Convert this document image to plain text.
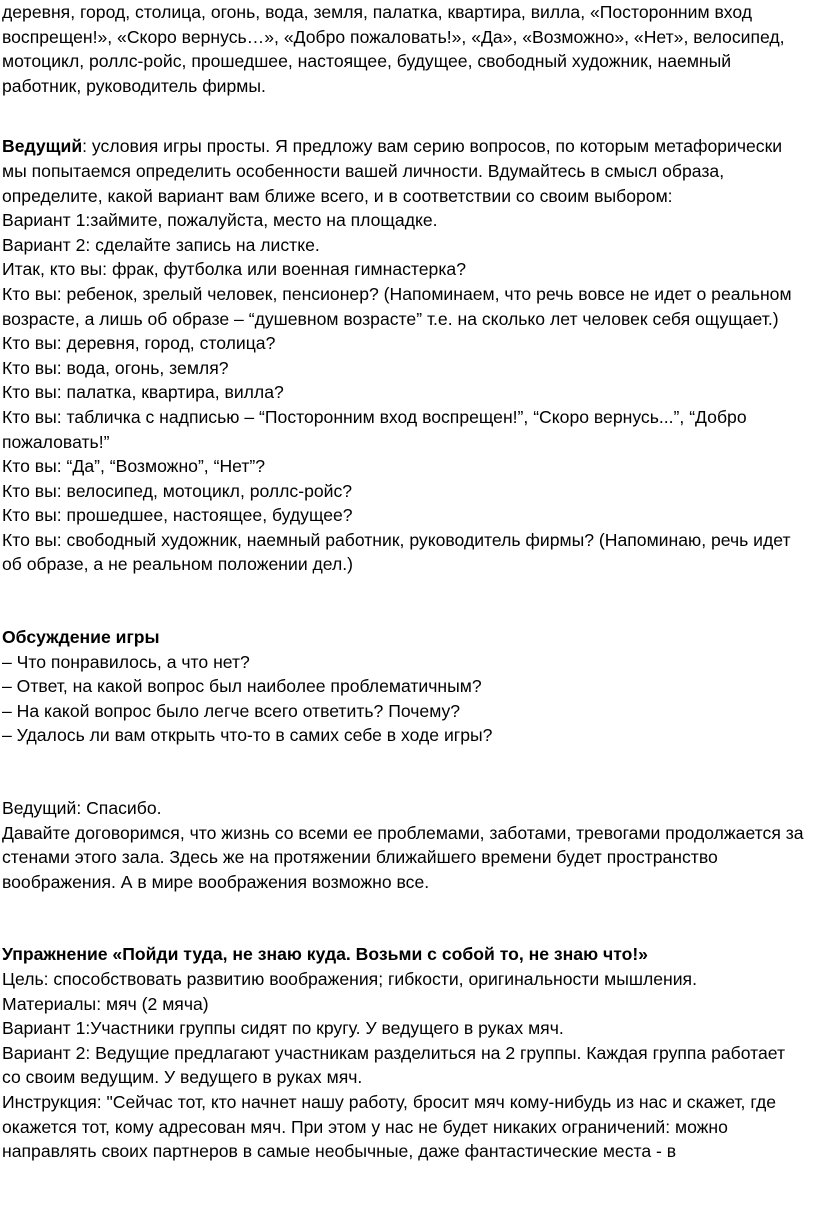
деревня, город, столица, огонь, вода, земля, палатка, квартира, вилла, «Посторонним вход воспрещен!», «Скоро вернусь…», «Добро пожаловать!», «Да», «Возможно», «Нет», велосипед, мотоцикл, роллс-ройс, прошедшее, настоящее, будущее, свободный художник, наемный работник, руководитель фирмы.

Ведущий: условия игры просты. Я предложу вам серию вопросов, по которым метафорически мы попытаемся определить особенности вашей личности. Вдумайтесь в смысл образа, определите, какой вариант вам ближе всего, и в соответствии со своим выбором:

Вариант 1:займите, пожалуйста, место на площадке.
Вариант 2: сделайте запись на листке.
Итак, кто вы: фрак, футболка или военная гимнастерка?
Кто вы: ребенок, зрелый человек, пенсионер? (Напоминаем, что речь вовсе не идет о реальном возрасте, а лишь об образе – “душевном возрасте” т.е. на сколько лет человек себя ощущает.)
Кто вы: деревня, город, столица?
Кто вы: вода, огонь, земля?
Кто вы: палатка, квартира, вилла?
Кто вы: табличка с надписью – “Посторонним вход воспрещен!”, “Скоро вернусь...”, “Добро пожаловать!”
Кто вы: “Да”, “Возможно”, “Нет”?
Кто вы: велосипед, мотоцикл, роллс-ройс?
Кто вы: прошедшее, настоящее, будущее?
Кто вы: свободный художник, наемный работник, руководитель фирмы? (Напоминаю, речь идет об образе, а не реальном положении дел.)
Обсуждение игры
– Что понравилось, а что нет?
– Ответ, на какой вопрос был наиболее проблематичным?
– На какой вопрос было легче всего ответить? Почему?
– Удалось ли вам открыть что-то в самих себе в ходе игры?
Ведущий: Спасибо.
Давайте договоримся, что жизнь со всеми ее проблемами, заботами, тревогами продолжается за стенами этого зала. Здесь же на протяжении ближайшего времени будет пространство воображения. А в мире воображения возможно все.
Упражнение «Пойди туда, не знаю куда. Возьми с собой то, не знаю что!»
Цель: способствовать развитию воображения; гибкости, оригинальности мышления.
Материалы: мяч (2 мяча)
Вариант 1:Участники группы сидят по кругу. У ведущего в руках мяч.
Вариант 2: Ведущие предлагают участникам разделиться на 2 группы. Каждая группа работает со своим ведущим. У ведущего в руках мяч.
Инструкция: "Сейчас тот, кто начнет нашу работу, бросит мяч кому-нибудь из нас и скажет, где окажется тот, кому адресован мяч. При этом у нас не будет никаких ограничений: можно направлять своих партнеров в самые необычные, даже фантастические места - в
